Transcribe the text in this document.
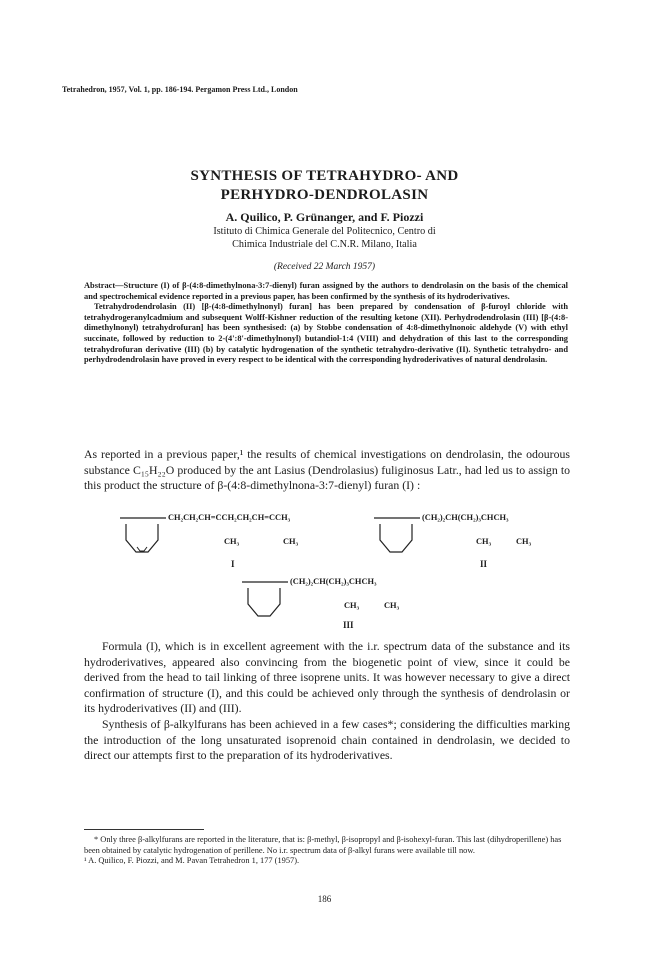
Tetrahedron, 1957, Vol. 1, pp. 186-194. Pergamon Press Ltd., London
SYNTHESIS OF TETRAHYDRO- AND
PERHYDRO-DENDROLASIN
A. Quilico, P. Grünanger, and F. Piozzi
Istituto di Chimica Generale del Politecnico, Centro di
Chimica Industriale del C.N.R. Milano, Italia
(Received 22 March 1957)

Abstract—Structure (I) of β-(4:8-dimethylnona-3:7-dienyl) furan assigned by the authors to dendrolasin on the basis of the chemical and spectrochemical evidence reported in a previous paper, has been confirmed by the synthesis of its hydroderivatives.

Tetrahydrodendrolasin (II) [β-(4:8-dimethylnonyl) furan] has been prepared by condensation of β-furoyl chloride with tetrahydrogeranylcadmium and subsequent Wolff-Kishner reduction of the resulting ketone (XII). Perhydrodendrolasin (III) [β-(4:8-dimethylnonyl) tetrahydrofuran] has been synthesised: (a) by Stobbe condensation of 4:8-dimethylnonoic aldehyde (V) with ethyl succinate, followed by reduction to 2-(4':8'-dimethylnonyl) butandiol-1:4 (VIII) and dehydration of this last to the corresponding tetrahydrofuran derivative (III) (b) by catalytic hydrogenation of the synthetic tetrahydro-derivative (II). Synthetic tetrahydro- and perhydrodendrolasin have proved in every respect to be identical with the corresponding hydroderivatives of natural dendrolasin.

As reported in a previous paper,¹ the results of chemical investigations on dendrolasin, the odourous substance C₁₅H₂₂O produced by the ant Lasius (Dendrolasius) fuliginosus Latr., had led us to assign to this product the structure of β-(4:8-dimethylnona-3:7-dienyl) furan (I) :

CH₂CH₂CH=CCH₂CH₂CH=CCH₃
CH₃	CH₃
I
(CH₂)₂CH(CH₂)₃CHCH₃
CH₃	CH₃
II
(CH₂)₂CH(CH₂)₃CHCH₃
CH₃	CH₃
III

Formula (I), which is in excellent agreement with the i.r. spectrum data of the substance and its hydroderivatives, appeared also convincing from the biogenetic point of view, since it could be derived from the head to tail linking of three isoprene units. It was however necessary to give a direct confirmation of structure (I), and this could be achieved only through the synthesis of dendrolasin or its hydroderivatives (II) and (III).

Synthesis of β-alkylfurans has been achieved in a few cases*; considering the difficulties marking the introduction of the long unsaturated isoprenoid chain contained in dendrolasin, we decided to direct our attempts first to the preparation of its hydroderivatives.

* Only three β-alkylfurans are reported in the literature, that is: β-methyl, β-isopropyl and β-isohexyl-furan. This last (dihydroperillene) has been obtained by catalytic hydrogenation of perillene. No i.r. spectrum data of β-alkyl furans were available till now.

¹ A. Quilico, F. Piozzi, and M. Pavan Tetrahedron 1, 177 (1957).

186
